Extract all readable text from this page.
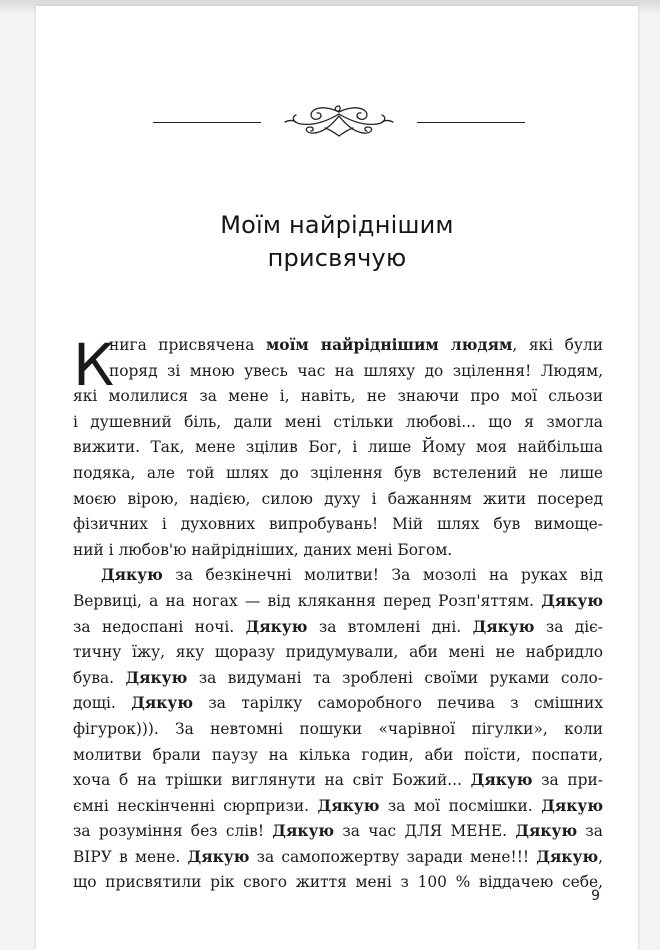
Моїм найріднішим
присвячую
К
нига присвячена моїм найріднішим людям, які були
поряд зі мною увесь час на шляху до зцілення! Людям,
які молилися за мене і, навіть, не знаючи про мої сльози
і душевний біль, дали мені стільки любові... що я змогла
вижити. Так, мене зцілив Бог, і лише Йому моя найбільша
подяка, але той шлях до зцілення був встелений не лише
моєю вірою, надією, силою духу і бажанням жити посеред
фізичних і духовних випробувань! Мій шлях був вимоще-
ний і любов'ю найрідніших, даних мені Богом.
Дякую за безкінечні молитви! За мозолі на руках від
Вервиці, а на ногах — від клякання перед Розп'яттям. Дякую
за недоспані ночі. Дякую за втомлені дні. Дякую за діє-
тичну їжу, яку щоразу придумували, аби мені не набридло
бува. Дякую за видумані та зроблені своїми руками соло-
дощі. Дякую за тарілку саморобного печива з смішних
фігурок))). За невтомні пошуки «чарівної пігулки», коли
молитви брали паузу на кілька годин, аби поїсти, поспати,
хоча б на трішки виглянути на світ Божий... Дякую за при-
ємні нескінченні сюрпризи. Дякую за мої посмішки. Дякую
за розуміння без слів! Дякую за час ДЛЯ МЕНЕ. Дякую за
ВІРУ в мене. Дякую за самопожертву заради мене!!! Дякую,
що присвятили рік свого життя мені з 100 % віддачею себе,
9
